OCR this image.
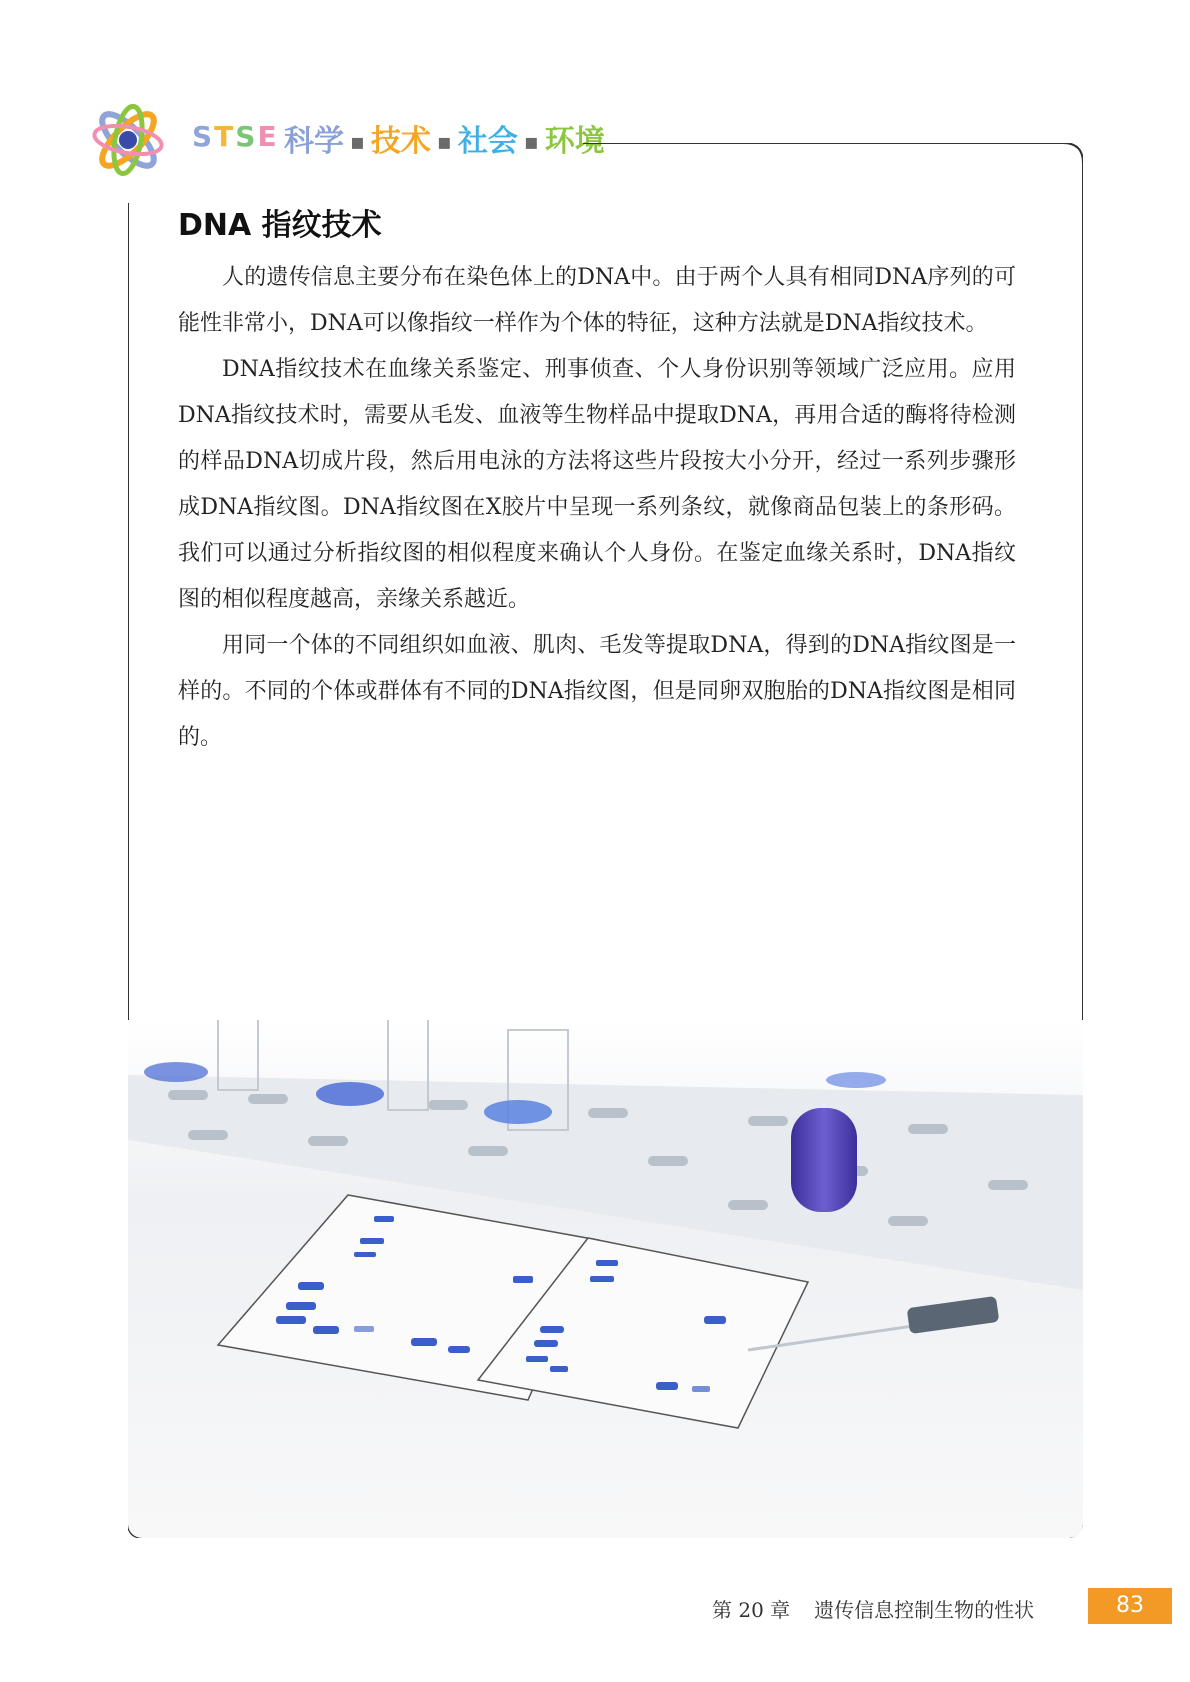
STSE 科学 ▪ 技术 ▪ 社会 ▪ 环境
DNA 指纹技术

人的遗传信息主要分布在染色体上的DNA中。由于两个人具有相同DNA序列的可能性非常小，DNA可以像指纹一样作为个体的特征，这种方法就是DNA指纹技术。

DNA指纹技术在血缘关系鉴定、刑事侦查、个人身份识别等领域广泛应用。应用DNA指纹技术时，需要从毛发、血液等生物样品中提取DNA，再用合适的酶将待检测的样品DNA切成片段，然后用电泳的方法将这些片段按大小分开，经过一系列步骤形成DNA指纹图。DNA指纹图在X胶片中呈现一系列条纹，就像商品包装上的条形码。我们可以通过分析指纹图的相似程度来确认个人身份。在鉴定血缘关系时，DNA指纹图的相似程度越高，亲缘关系越近。

用同一个体的不同组织如血液、肌肉、毛发等提取DNA，得到的DNA指纹图是一样的。不同的个体或群体有不同的DNA指纹图，但是同卵双胞胎的DNA指纹图是相同的。

第 20 章 遗传信息控制生物的性状	83
